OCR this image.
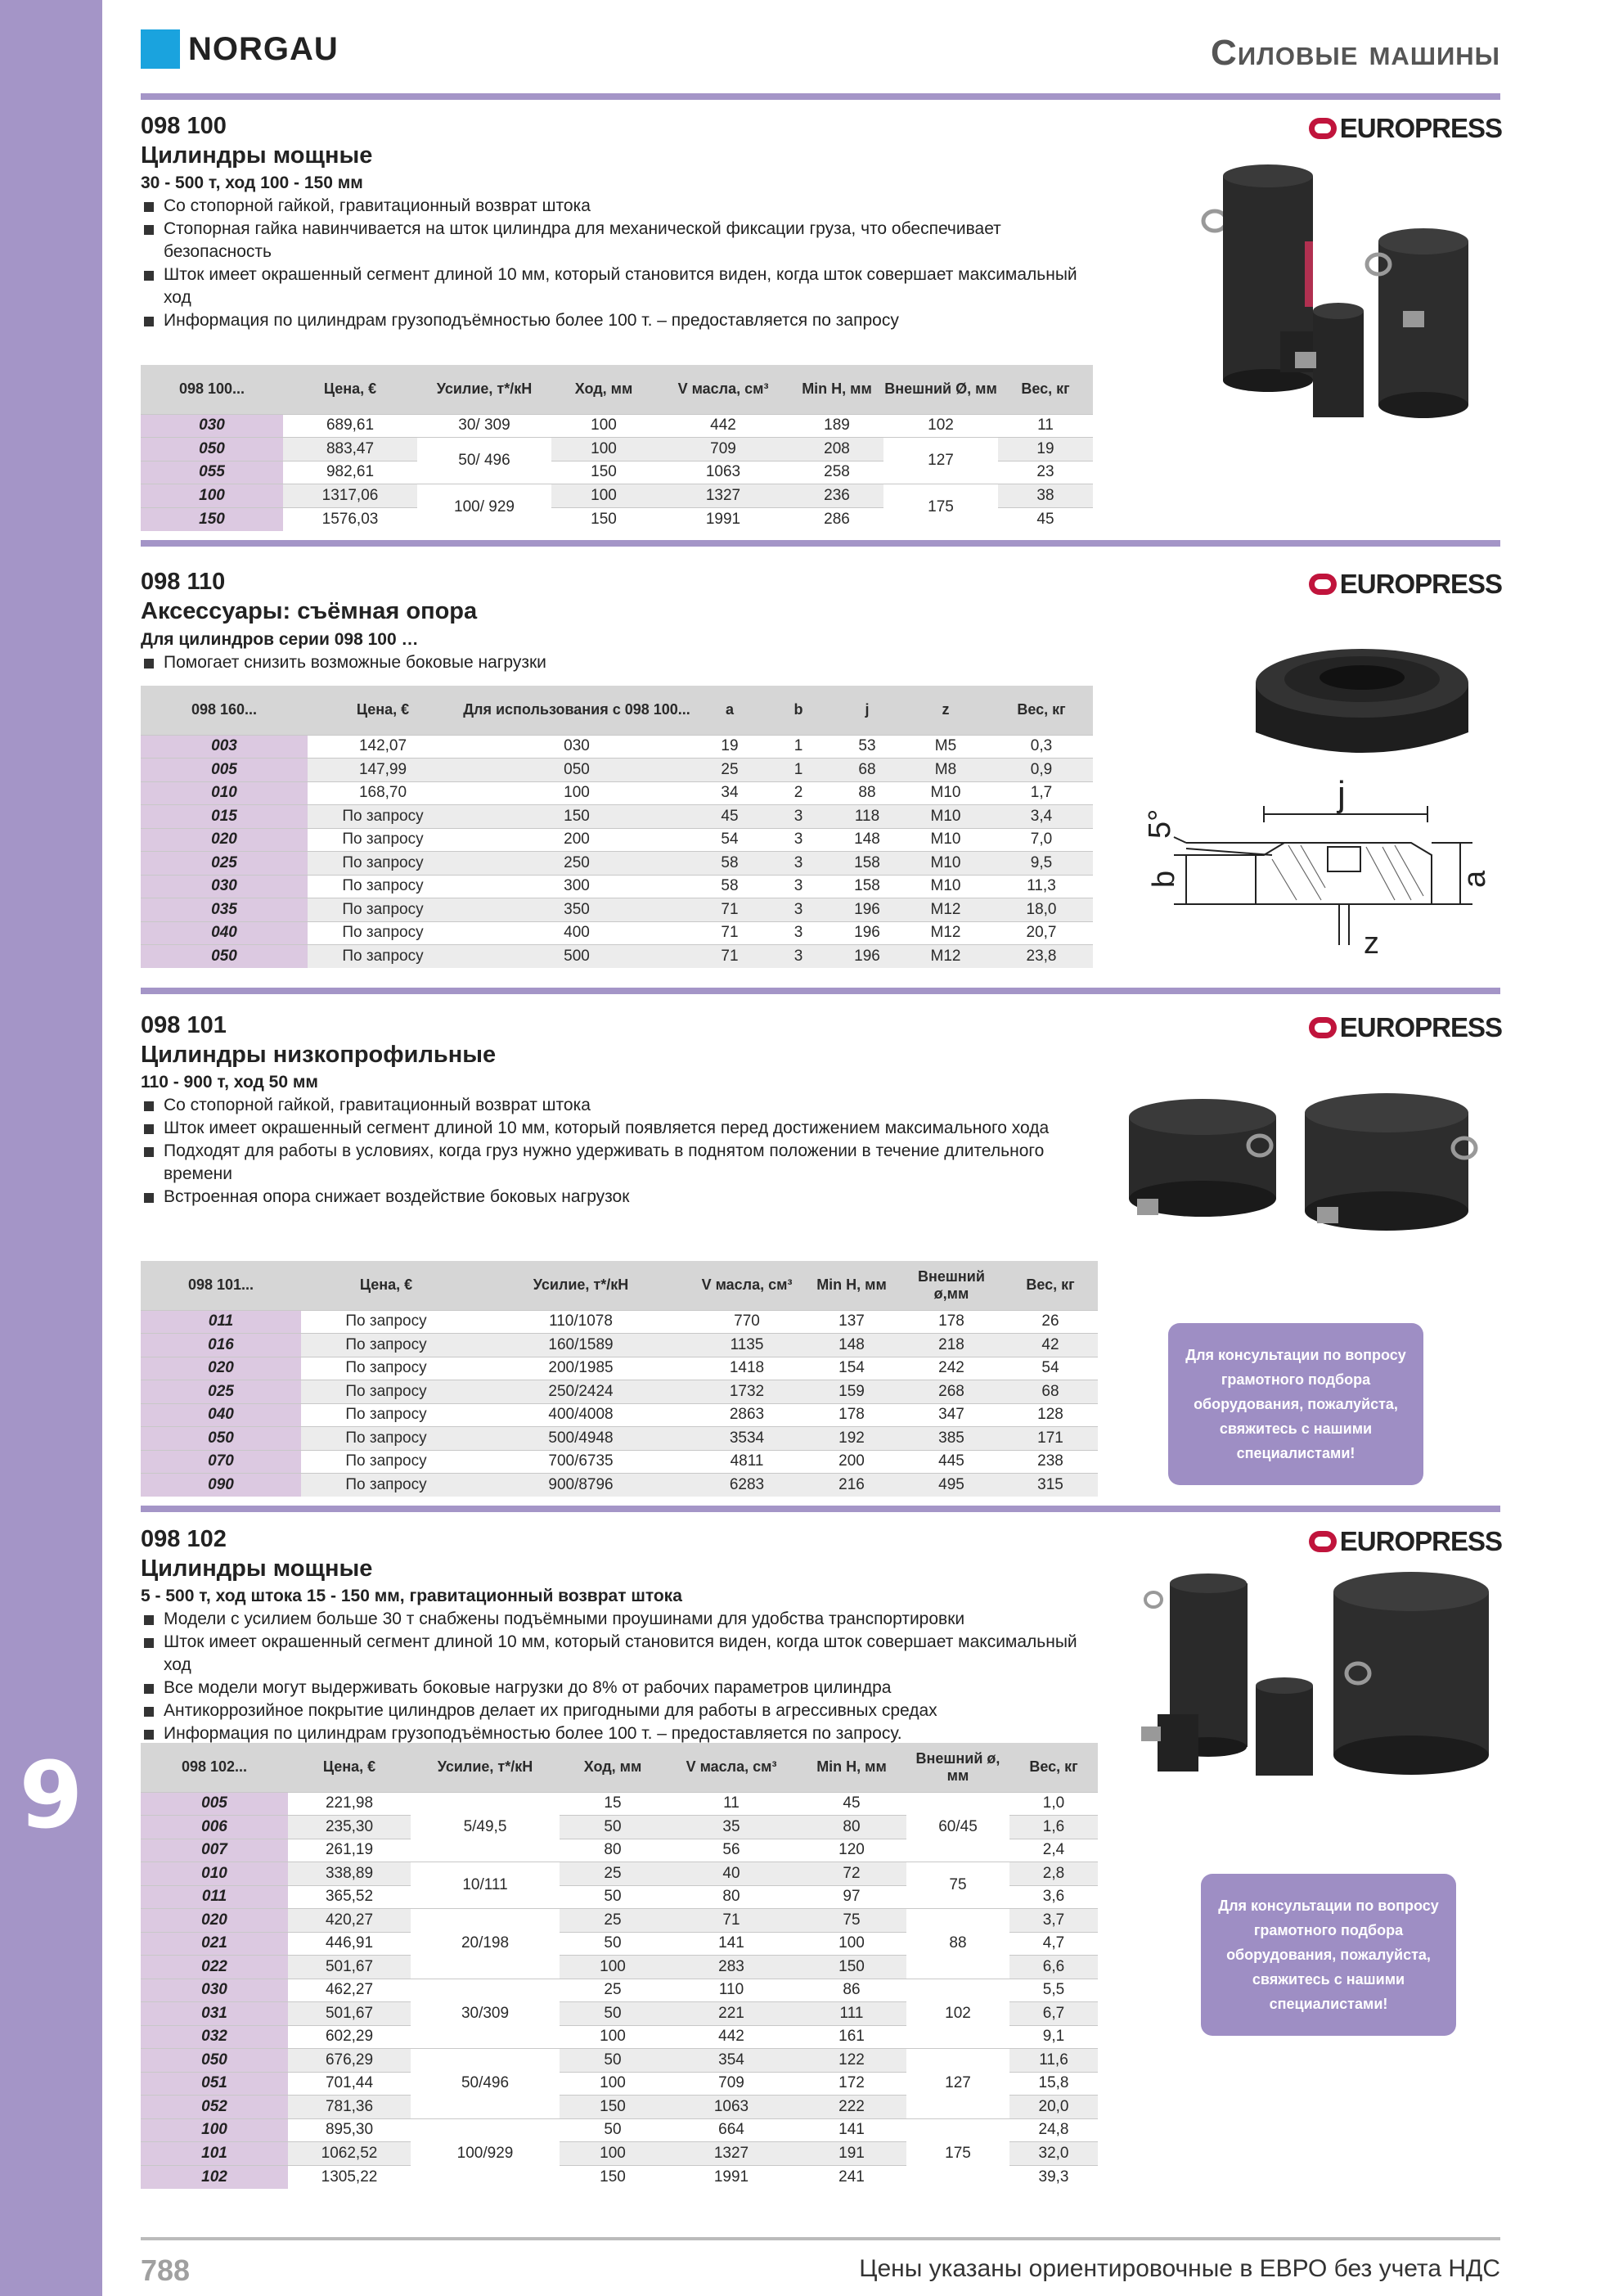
9
NORGAU	Силовые машины
098 100
Цилиндры мощные
30 - 500 т, ход 100 - 150 мм
Со стопорной гайкой, гравитационный возврат штока
Стопорная гайка навинчивается на шток цилиндра для механической фиксации груза, что обеспечивает безопасность
Шток имеет окрашенный сегмент длиной 10 мм, который становится виден, когда шток совершает максимальный ход
Информация по цилиндрам грузоподъёмностью более 100 т. – предоставляется по запросу
EUROPRESS
098 100...	Цена, €	Усилие, т*/кН	Ход, мм	V масла, см³	Min H, мм	Внешний Ø, мм	Вес, кг
030	689,61	30/ 309	100	442	189	102	11
050	883,47	50/ 496	100	709	208	127	19
055	982,61		150	1063	258		23
100	1317,06	100/ 929	100	1327	236	175	38
150	1576,03		150	1991	286		45
098 110
Аксессуары: съёмная опора
Для цилиндров серии 098 100 …
Помогает снизить возможные боковые нагрузки
EUROPRESS
j
5°
b	a
z
098 160...	Цена, €	Для использования с 098 100...	a	b	j	z	Вес, кг
003	142,07	030	19	1	53	M5	0,3
005	147,99	050	25	1	68	M8	0,9
010	168,70	100	34	2	88	M10	1,7
015	По запросу	150	45	3	118	M10	3,4
020	По запросу	200	54	3	148	M10	7,0
025	По запросу	250	58	3	158	M10	9,5
030	По запросу	300	58	3	158	M10	11,3
035	По запросу	350	71	3	196	M12	18,0
040	По запросу	400	71	3	196	M12	20,7
050	По запросу	500	71	3	196	M12	23,8
098 101
Цилиндры низкопрофильные
110 - 900 т, ход 50 мм
Со стопорной гайкой, гравитационный возврат штока
Шток имеет окрашенный сегмент длиной 10 мм, который появляется перед достижением максимального хода
Подходят для работы в условиях, когда груз нужно удерживать в поднятом положении в течение длительного времени
Встроенная опора снижает воздействие боковых нагрузок
EUROPRESS
098 101...	Цена, €	Усилие, т*/кН	V масла, см³	Min H, мм	Внешний ø,мм	Вес, кг
011	По запросу	110/1078	770	137	178	26
016	По запросу	160/1589	1135	148	218	42
020	По запросу	200/1985	1418	154	242	54
025	По запросу	250/2424	1732	159	268	68
040	По запросу	400/4008	2863	178	347	128
050	По запросу	500/4948	3534	192	385	171
070	По запросу	700/6735	4811	200	445	238
090	По запросу	900/8796	6283	216	495	315
Для консультации по вопросу грамотного подбора оборудования, пожалуйста, свяжитесь с нашими специалистами!
098 102
Цилиндры мощные
5 - 500 т, ход штока 15 - 150 мм, гравитационный возврат штока
Модели с усилием больше 30 т снабжены подъёмными проушинами для удобства транспортировки
Шток имеет окрашенный сегмент длиной 10 мм, который становится виден, когда шток совершает максимальный ход
Все модели могут выдерживать боковые нагрузки до 8% от рабочих параметров цилиндра
Антикоррозийное покрытие цилиндров делает их пригодными для работы в агрессивных средах
Информация по цилиндрам грузоподъёмностью более 100 т. – предоставляется по запросу.
EUROPRESS
098 102...	Цена, €	Усилие, т*/кН	Ход, мм	V масла, см³	Min H, мм	Внешний ø, мм	Вес, кг
005	221,98	5/49,5	15	11	45	60/45	1,0
006	235,30		50	35	80		1,6
007	261,19		80	56	120		2,4
010	338,89	10/111	25	40	72	75	2,8
011	365,52		50	80	97		3,6
020	420,27	20/198	25	71	75	88	3,7
021	446,91		50	141	100		4,7
022	501,67		100	283	150		6,6
030	462,27	30/309	25	110	86	102	5,5
031	501,67		50	221	111		6,7
032	602,29		100	442	161		9,1
050	676,29	50/496	50	354	122	127	11,6
051	701,44		100	709	172		15,8
052	781,36		150	1063	222		20,0
100	895,30	100/929	50	664	141	175	24,8
101	1062,52		100	1327	191		32,0
102	1305,22		150	1991	241		39,3
Для консультации по вопросу грамотного подбора оборудования, пожалуйста, свяжитесь с нашими специалистами!
788	Цены указаны ориентировочные в ЕВРО без учета НДС
